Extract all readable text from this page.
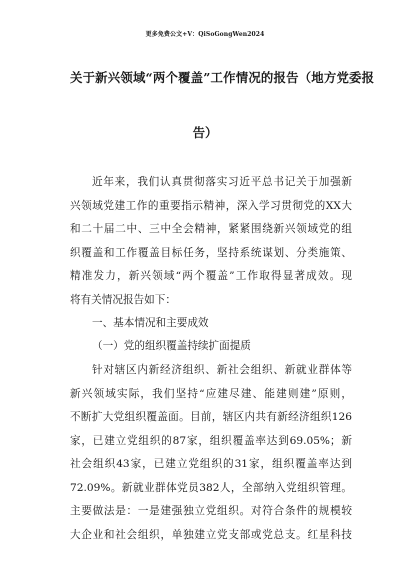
更多免费公文+V：QiSoGongWen2024
关于新兴领域“两个覆盖”工作情况的报告（地方党委报
告）
近年来，我们认真贯彻落实习近平总书记关于加强新
兴领域党建工作的重要指示精神，深入学习贯彻党的XX大
和二十届二中、三中全会精神，紧紧围绕新兴领域党的组
织覆盖和工作覆盖目标任务，坚持系统谋划、分类施策、
精准发力，新兴领域“两个覆盖”工作取得显著成效。现
将有关情况报告如下：
一、基本情况和主要成效
（一）党的组织覆盖持续扩面提质
针对辖区内新经济组织、新社会组织、新就业群体等
新兴领域实际，我们坚持“应建尽建、能建则建”原则，
不断扩大党组织覆盖面。目前，辖区内共有新经济组织126
家，已建立党组织的87家，组织覆盖率达到69.05%；新
社会组织43家，已建立党组织的31家，组织覆盖率达到
72.09%。新就业群体党员382人，全部纳入党组织管理。
主要做法是：一是建强独立党组织。对符合条件的规模较
大企业和社会组织，单独建立党支部或党总支。红星科技
